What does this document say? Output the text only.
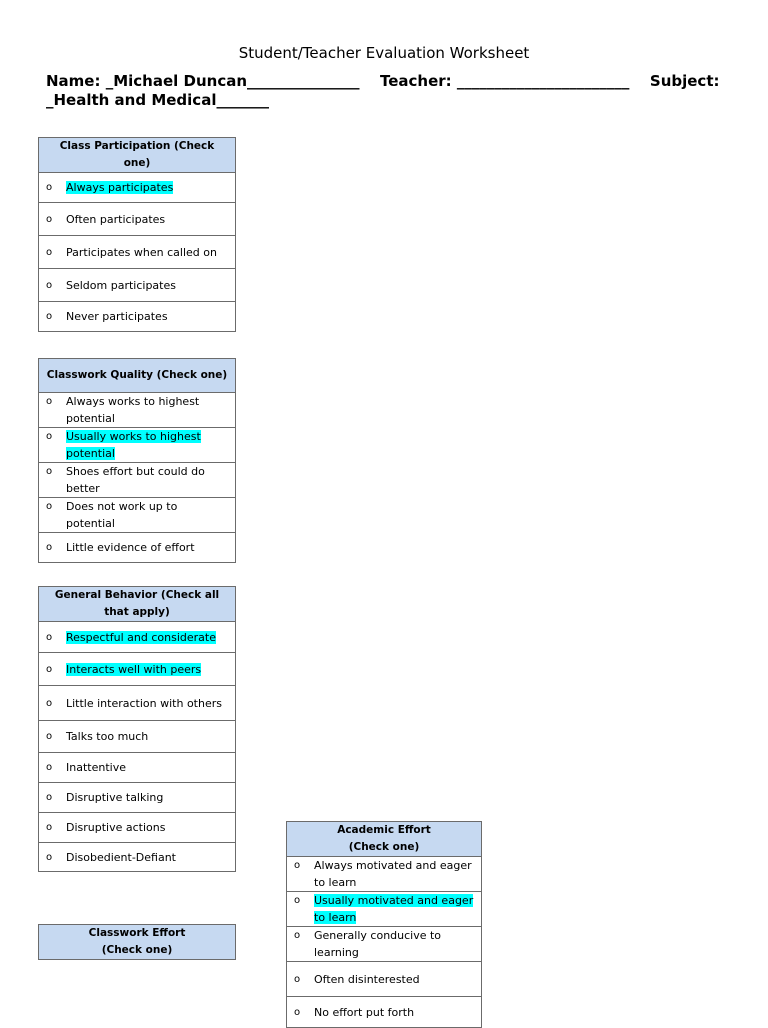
Student/Teacher Evaluation Worksheet
Name: _Michael Duncan_______________ Teacher: _______________________ Subject: _Health and Medical_______
Class Participation (Check one)

o Always participates

o Often participates

o Participates when called on

o Seldom participates

o Never participates
Classwork Quality (Check one)

o Always works to highest potential

o Usually works to highest potential

o Shoes effort but could do better

o Does not work up to potential

o Little evidence of effort
General Behavior (Check all that apply)

o Respectful and considerate

o Interacts well with peers

o Little interaction with others

o Talks too much

o Inattentive

o Disruptive talking

o Disruptive actions

o Disobedient-Defiant
Classwork Effort
(Check one)
Academic Effort
(Check one)

o Always motivated and eager to learn

o Usually motivated and eager to learn

o Generally conducive to learning

o Often disinterested

o No effort put forth
